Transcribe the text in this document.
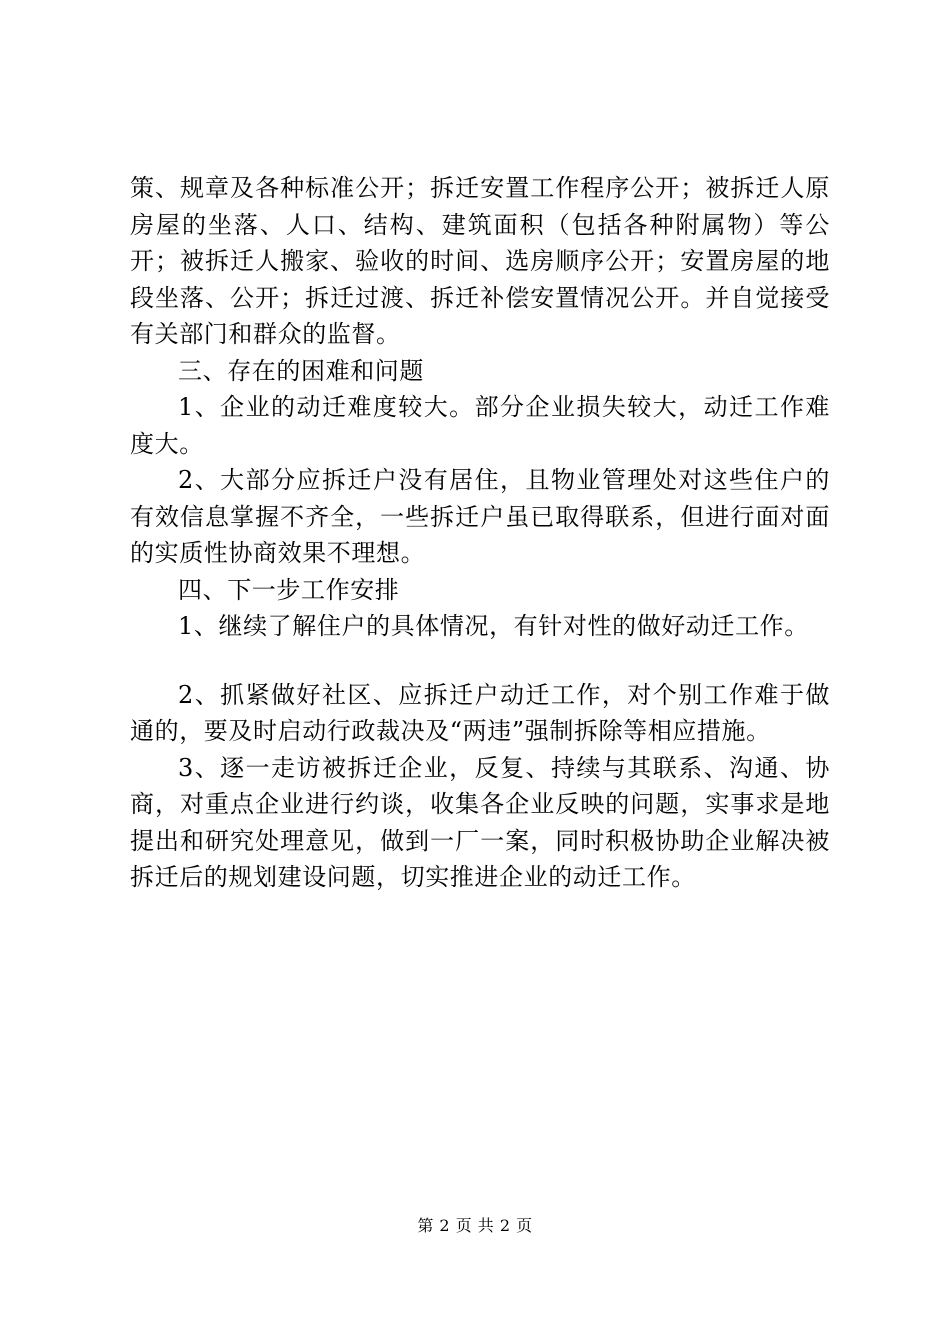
策、规章及各种标准公开；拆迁安置工作程序公开；被拆迁人原房屋的坐落、人口、结构、建筑面积（包括各种附属物）等公开；被拆迁人搬家、验收的时间、选房顺序公开；安置房屋的地段坐落、公开；拆迁过渡、拆迁补偿安置情况公开。并自觉接受有关部门和群众的监督。

三、存在的困难和问题

1、企业的动迁难度较大。部分企业损失较大，动迁工作难度大。

2、大部分应拆迁户没有居住，且物业管理处对这些住户的有效信息掌握不齐全，一些拆迁户虽已取得联系，但进行面对面的实质性协商效果不理想。

四、下一步工作安排

1、继续了解住户的具体情况，有针对性的做好动迁工作。

2、抓紧做好社区、应拆迁户动迁工作，对个别工作难于做通的，要及时启动行政裁决及“两违”强制拆除等相应措施。

3、逐一走访被拆迁企业，反复、持续与其联系、沟通、协商，对重点企业进行约谈，收集各企业反映的问题，实事求是地提出和研究处理意见，做到一厂一案，同时积极协助企业解决被拆迁后的规划建设问题，切实推进企业的动迁工作。

第 2 页 共 2 页
